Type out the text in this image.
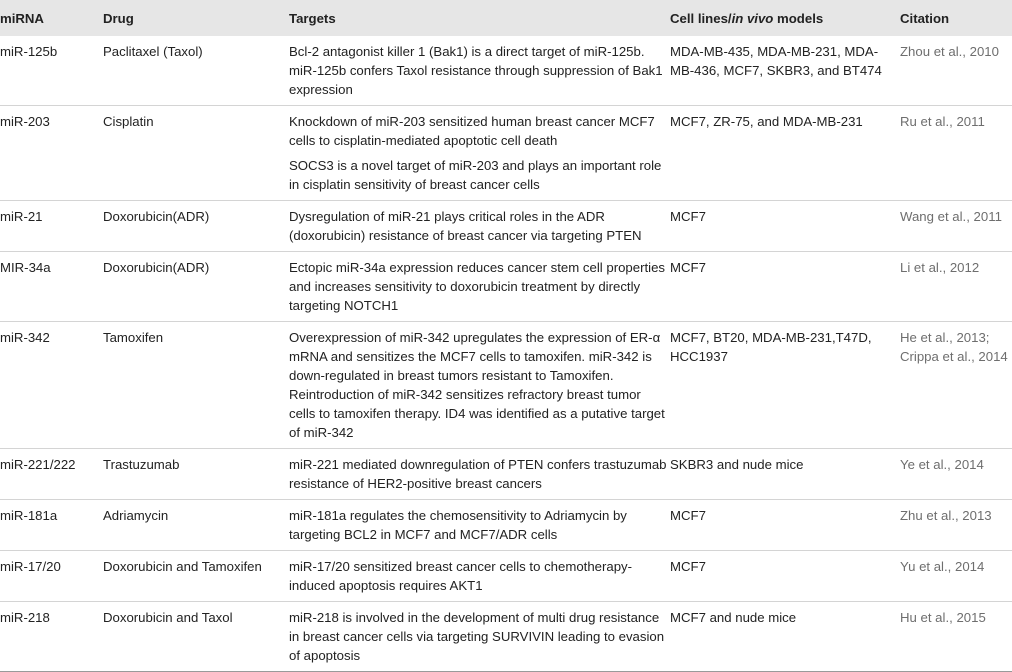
miRNA	Drug	Targets	Cell lines/in vivo models	Citation
miR-125b	Paclitaxel (Taxol)	Bcl-2 antagonist killer 1 (Bak1) is a direct target of miR-125b. miR-125b confers Taxol resistance through suppression of Bak1 expression	MDA-MB-435, MDA-MB-231, MDA-MB-436, MCF7, SKBR3, and BT474	Zhou et al., 2010
miR-203	Cisplatin	Knockdown of miR-203 sensitized human breast cancer MCF7 cells to cisplatin-mediated apoptotic cell death	MCF7, ZR-75, and MDA-MB-231	Ru et al., 2011
		SOCS3 is a novel target of miR-203 and plays an important role in cisplatin sensitivity of breast cancer cells		
miR-21	Doxorubicin(ADR)	Dysregulation of miR-21 plays critical roles in the ADR (doxorubicin) resistance of breast cancer via targeting PTEN	MCF7	Wang et al., 2011
MIR-34a	Doxorubicin(ADR)	Ectopic miR-34a expression reduces cancer stem cell properties and increases sensitivity to doxorubicin treatment by directly targeting NOTCH1	MCF7	Li et al., 2012
miR-342	Tamoxifen	Overexpression of miR-342 upregulates the expression of ER-α mRNA and sensitizes the MCF7 cells to tamoxifen. miR-342 is down-regulated in breast tumors resistant to Tamoxifen. Reintroduction of miR-342 sensitizes refractory breast tumor cells to tamoxifen therapy. ID4 was identified as a putative target of miR-342	MCF7, BT20, MDA-MB-231,T47D, HCC1937	He et al., 2013; Crippa et al., 2014
miR-221/222	Trastuzumab	miR-221 mediated downregulation of PTEN confers trastuzumab resistance of HER2-positive breast cancers	SKBR3 and nude mice	Ye et al., 2014
miR-181a	Adriamycin	miR-181a regulates the chemosensitivity to Adriamycin by targeting BCL2 in MCF7 and MCF7/ADR cells	MCF7	Zhu et al., 2013
miR-17/20	Doxorubicin and Tamoxifen	miR-17/20 sensitized breast cancer cells to chemotherapy-induced apoptosis requires AKT1	MCF7	Yu et al., 2014
miR-218	Doxorubicin and Taxol	miR-218 is involved in the development of multi drug resistance in breast cancer cells via targeting SURVIVIN leading to evasion of apoptosis	MCF7 and nude mice	Hu et al., 2015
